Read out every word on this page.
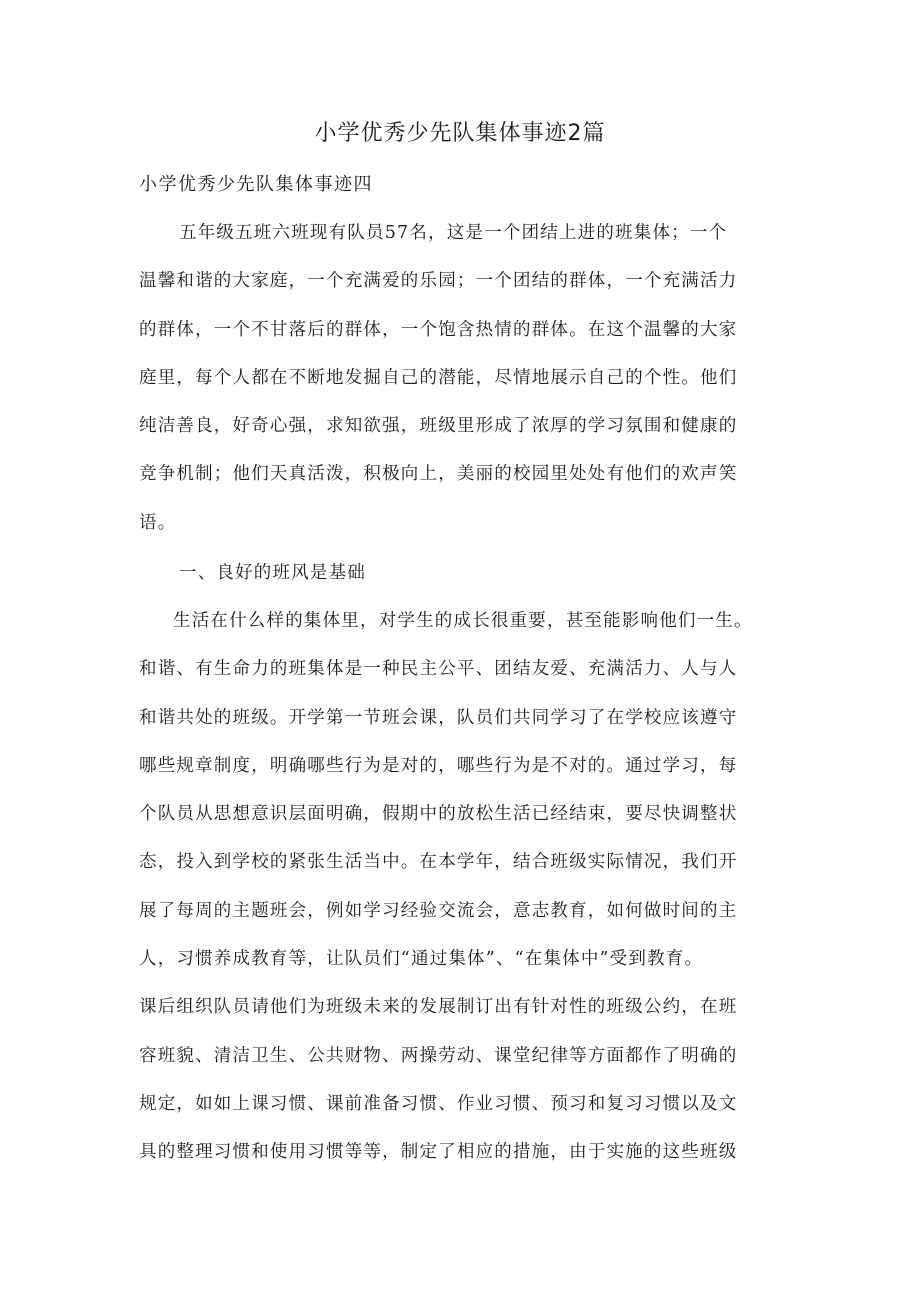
小学优秀少先队集体事迹2篇
小学优秀少先队集体事迹四
五年级五班六班现有队员57名，这是一个团结上进的班集体；一个
温馨和谐的大家庭，一个充满爱的乐园；一个团结的群体，一个充满活力
的群体，一个不甘落后的群体，一个饱含热情的群体。在这个温馨的大家
庭里，每个人都在不断地发掘自己的潜能，尽情地展示自己的个性。他们
纯洁善良，好奇心强，求知欲强，班级里形成了浓厚的学习氛围和健康的
竞争机制；他们天真活泼，积极向上，美丽的校园里处处有他们的欢声笑
语。
一、良好的班风是基础
生活在什么样的集体里，对学生的成长很重要，甚至能影响他们一生。
和谐、有生命力的班集体是一种民主公平、团结友爱、充满活力、人与人
和谐共处的班级。开学第一节班会课，队员们共同学习了在学校应该遵守
哪些规章制度，明确哪些行为是对的，哪些行为是不对的。通过学习，每
个队员从思想意识层面明确，假期中的放松生活已经结束，要尽快调整状
态，投入到学校的紧张生活当中。在本学年，结合班级实际情况，我们开
展了每周的主题班会，例如学习经验交流会，意志教育，如何做时间的主
人，习惯养成教育等，让队员们“通过集体”、“在集体中”受到教育。
课后组织队员请他们为班级未来的发展制订出有针对性的班级公约，在班
容班貌、清洁卫生、公共财物、两操劳动、课堂纪律等方面都作了明确的
规定，如如上课习惯、课前准备习惯、作业习惯、预习和复习习惯以及文
具的整理习惯和使用习惯等等，制定了相应的措施，由于实施的这些班级
